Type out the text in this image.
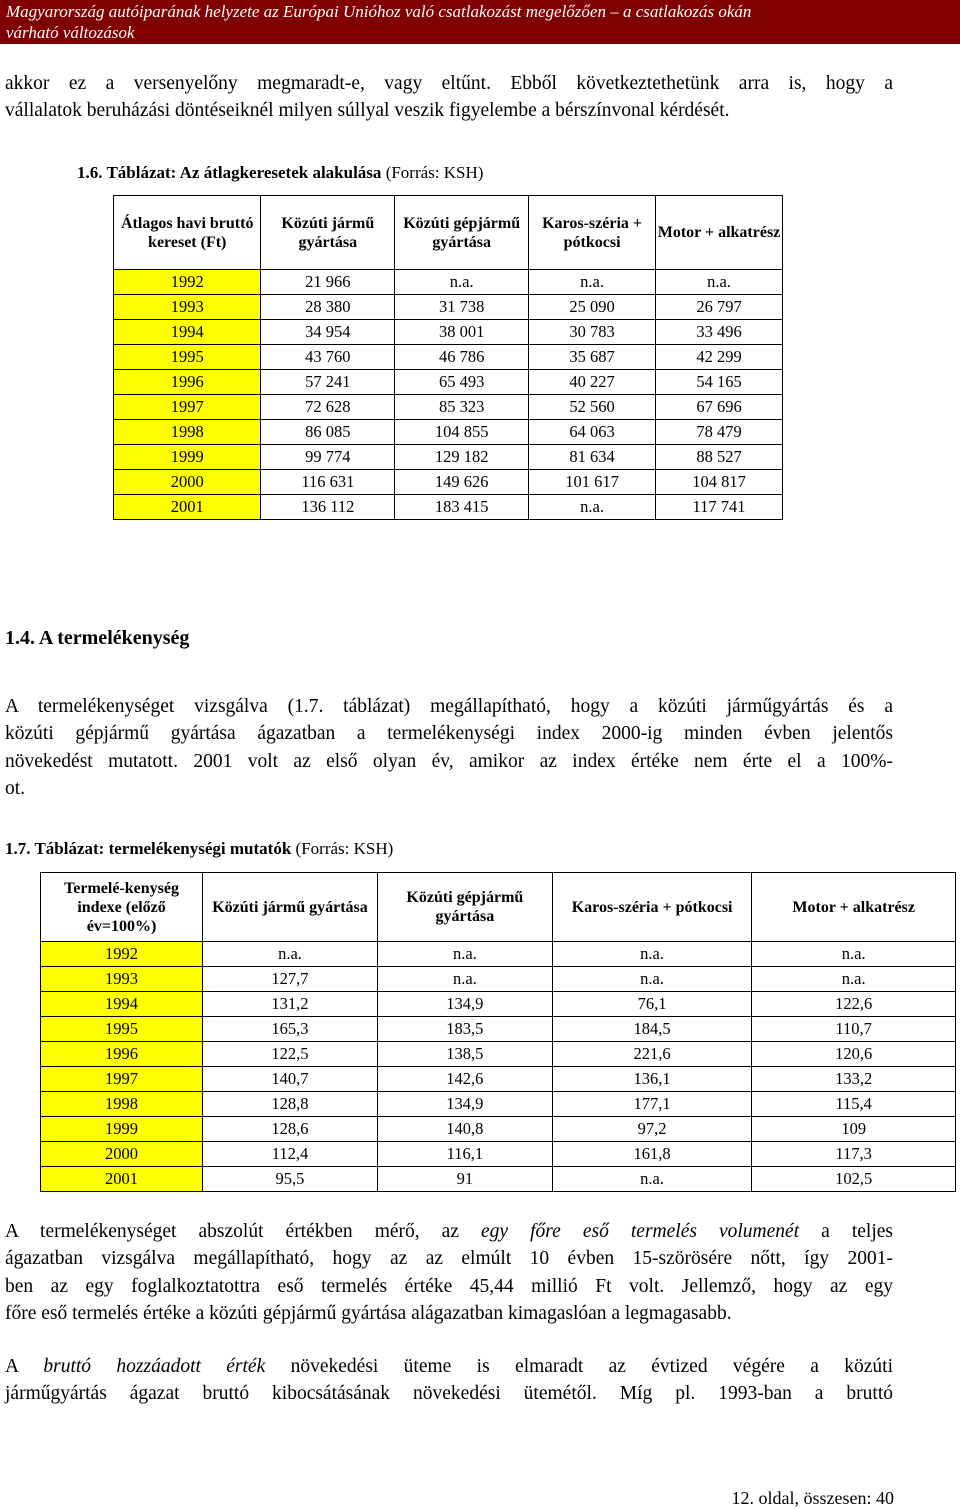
Magyarország autóiparának helyzete az Európai Unióhoz való csatlakozást megelőzően – a csatlakozás okán
várható változások
akkor ez a versenyelőny megmaradt-e, vagy eltűnt. Ebből következtethetünk arra is, hogy a
vállalatok beruházási döntéseiknél milyen súllyal veszik figyelembe a bérszínvonal kérdését.
1.6. Táblázat: Az átlagkeresetek alakulása (Forrás: KSH)
Átlagos havi bruttó kereset (Ft)	Közúti jármű gyártása	Közúti gépjármű gyártása	Karos-széria + pótkocsi	Motor + alkatrész
1992	21 966	n.a.	n.a.	n.a.
1993	28 380	31 738	25 090	26 797
1994	34 954	38 001	30 783	33 496
1995	43 760	46 786	35 687	42 299
1996	57 241	65 493	40 227	54 165
1997	72 628	85 323	52 560	67 696
1998	86 085	104 855	64 063	78 479
1999	99 774	129 182	81 634	88 527
2000	116 631	149 626	101 617	104 817
2001	136 112	183 415	n.a.	117 741
1.4. A termelékenység
A termelékenységet vizsgálva (1.7. táblázat) megállapítható, hogy a közúti járműgyártás és a
közúti gépjármű gyártása ágazatban a termelékenységi index 2000-ig minden évben jelentős
növekedést mutatott. 2001 volt az első olyan év, amikor az index értéke nem érte el a 100%-
ot.
1.7. Táblázat: termelékenységi mutatók (Forrás: KSH)
Termelé-kenység indexe (előző év=100%)	Közúti jármű gyártása	Közúti gépjármű gyártása	Karos-széria + pótkocsi	Motor + alkatrész
1992	n.a.	n.a.	n.a.	n.a.
1993	127,7	n.a.	n.a.	n.a.
1994	131,2	134,9	76,1	122,6
1995	165,3	183,5	184,5	110,7
1996	122,5	138,5	221,6	120,6
1997	140,7	142,6	136,1	133,2
1998	128,8	134,9	177,1	115,4
1999	128,6	140,8	97,2	109
2000	112,4	116,1	161,8	117,3
2001	95,5	91	n.a.	102,5
A termelékenységet abszolút értékben mérő, az egy főre eső termelés volumenét a teljes
ágazatban vizsgálva megállapítható, hogy az az elmúlt 10 évben 15-szörösére nőtt, így 2001-
ben az egy foglalkoztatottra eső termelés értéke 45,44 millió Ft volt. Jellemző, hogy az egy
főre eső termelés értéke a közúti gépjármű gyártása alágazatban kimagaslóan a legmagasabb.
A bruttó hozzáadott érték növekedési üteme is elmaradt az évtized végére a közúti
járműgyártás ágazat bruttó kibocsátásának növekedési ütemétől. Míg pl. 1993-ban a bruttó
12. oldal, összesen: 40
